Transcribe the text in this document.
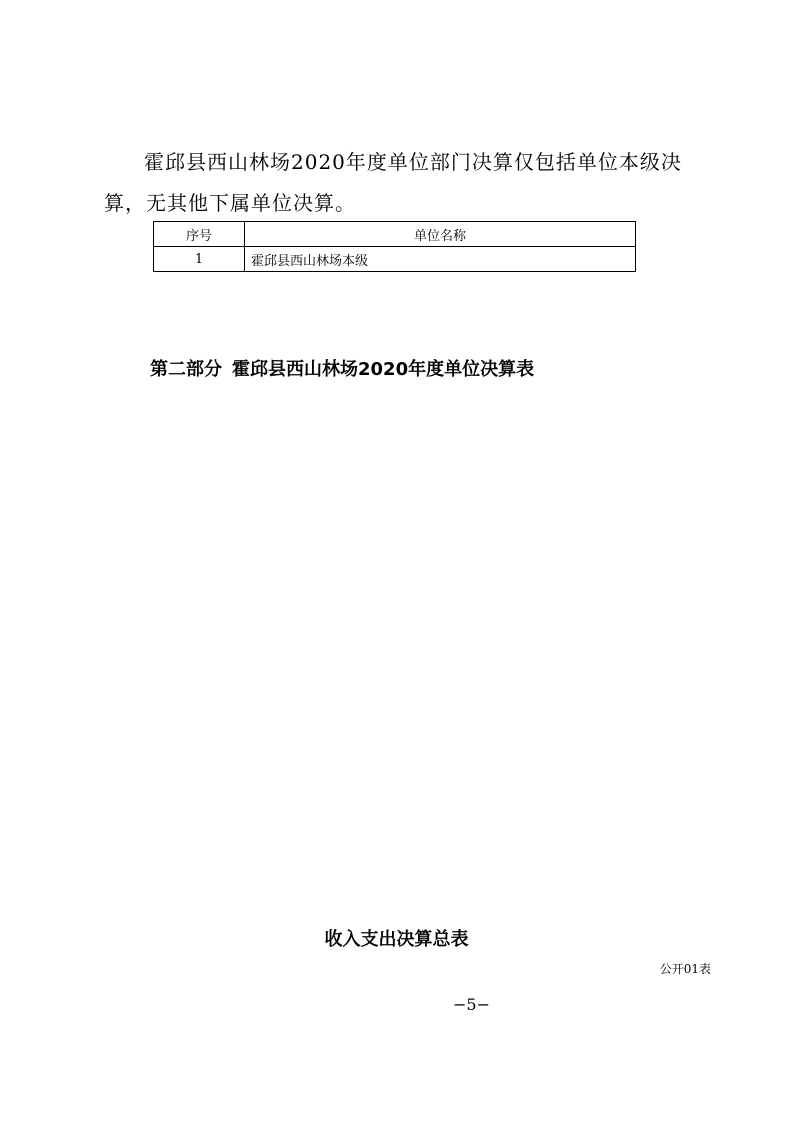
霍邱县西山林场2020年度单位部门决算仅包括单位本级决

算，无其他下属单位决算。

序号	单位名称
1	霍邱县西山林场本级
第二部分 霍邱县西山林场2020年度单位决算表
收入支出决算总表

公开01表

−5−
